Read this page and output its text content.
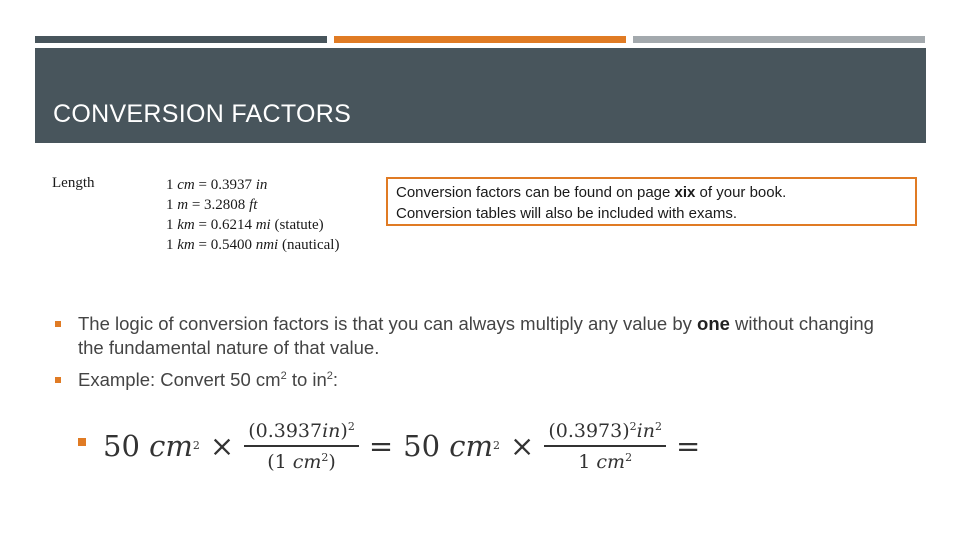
CONVERSION FACTORS
Length	1 cm = 0.3937 in
1 m = 3.2808 ft
1 km = 0.6214 mi (statute)
1 km = 0.5400 nmi (nautical)
Conversion factors can be found on page xix of your book.
Conversion tables will also be included with exams.
The logic of conversion factors is that you can always multiply any value by one without changing the fundamental nature of that value.
Example: Convert 50 $cm^2$ to $in^2$:
50 $cm^2 \times \frac{(0.3937in)^2}{(1 cm^2)} = 50$ $cm^2 \times \frac{(0.3973)^2in^2}{1 cm^2}$ =
